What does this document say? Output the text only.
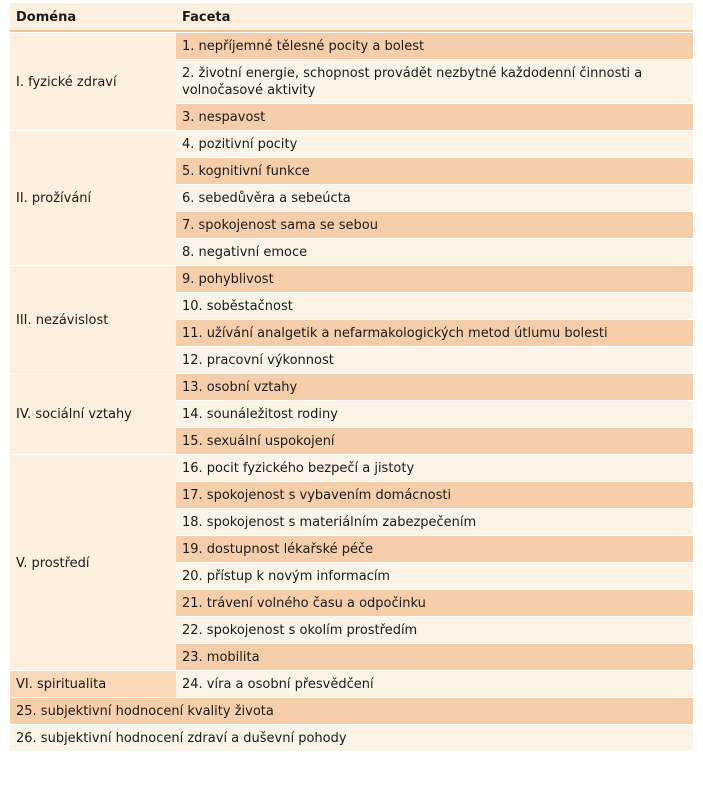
Doména	Faceta
I. fyzické zdraví	1. nepříjemné tělesné pocity a bolest
	2. životní energie, schopnost provádět nezbytné každodenní činnosti a volnočasové aktivity
	3. nespavost
II. prožívání	4. pozitivní pocity
	5. kognitivní funkce
	6. sebedůvěra a sebeúcta
	7. spokojenost sama se sebou
	8. negativní emoce
III. nezávislost	9. pohyblivost
	10. soběstačnost
	11. užívání analgetik a nefarmakologických metod útlumu bolesti
	12. pracovní výkonnost
IV. sociální vztahy	13. osobní vztahy
	14. sounáležitost rodiny
	15. sexuální uspokojení
V. prostředí	16. pocit fyzického bezpečí a jistoty
	17. spokojenost s vybavením domácnosti
	18. spokojenost s materiálním zabezpečením
	19. dostupnost lékařské péče
	20. přístup k novým informacím
	21. trávení volného času a odpočinku
	22. spokojenost s okolím prostředím
	23. mobilita
VI. spiritualita	24. víra a osobní přesvědčení
25. subjektivní hodnocení kvality života	
26. subjektivní hodnocení zdraví a duševní pohody	
